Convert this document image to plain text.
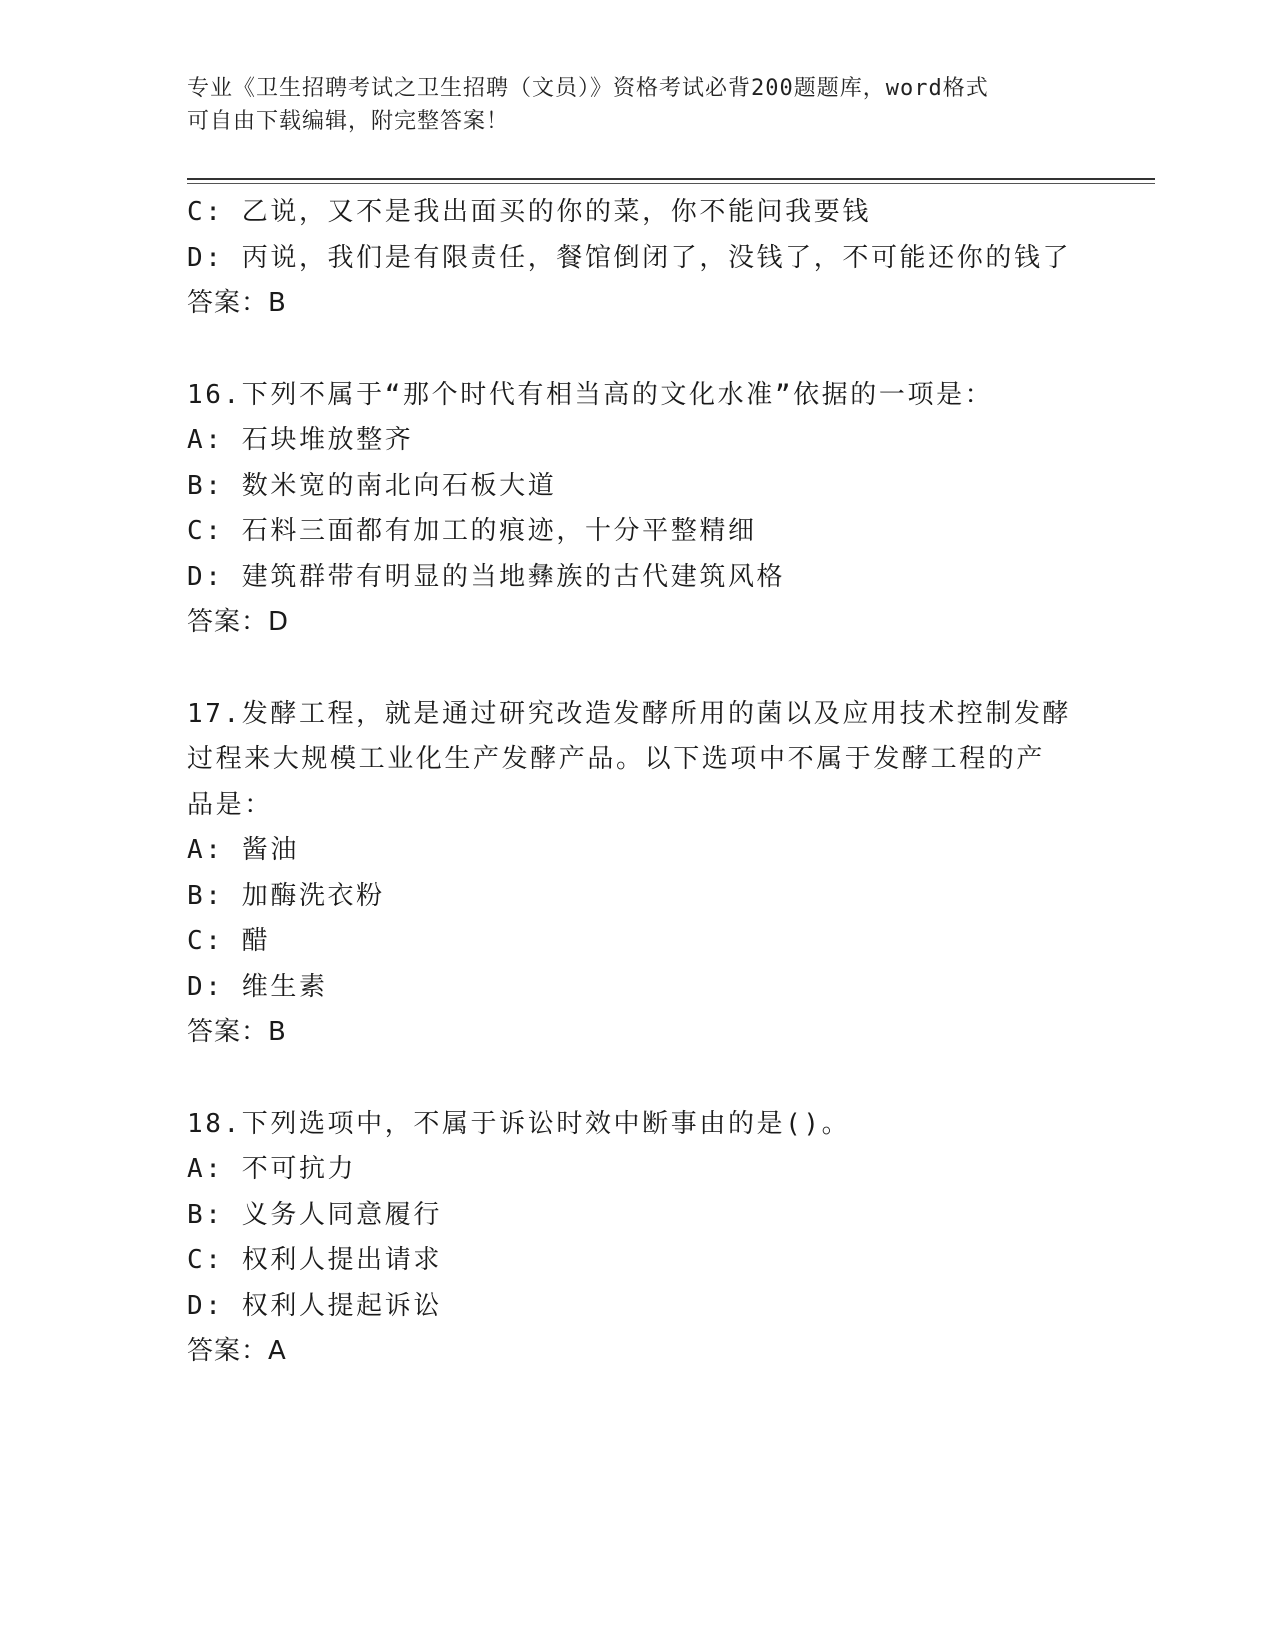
专业《卫生招聘考试之卫生招聘（文员）》资格考试必背200题题库，word格式
可自由下载编辑，附完整答案！
C: 乙说，又不是我出面买的你的菜，你不能问我要钱
D: 丙说，我们是有限责任，餐馆倒闭了，没钱了，不可能还你的钱了
答案：B
16.下列不属于“那个时代有相当高的文化水准”依据的一项是：
A: 石块堆放整齐
B: 数米宽的南北向石板大道
C: 石料三面都有加工的痕迹，十分平整精细
D: 建筑群带有明显的当地彝族的古代建筑风格
答案：D
17.发酵工程，就是通过研究改造发酵所用的菌以及应用技术控制发酵
过程来大规模工业化生产发酵产品。以下选项中不属于发酵工程的产
品是：
A: 酱油
B: 加酶洗衣粉
C: 醋
D: 维生素
答案：B
18.下列选项中，不属于诉讼时效中断事由的是()。
A: 不可抗力
B: 义务人同意履行
C: 权利人提出请求
D: 权利人提起诉讼
答案：A
